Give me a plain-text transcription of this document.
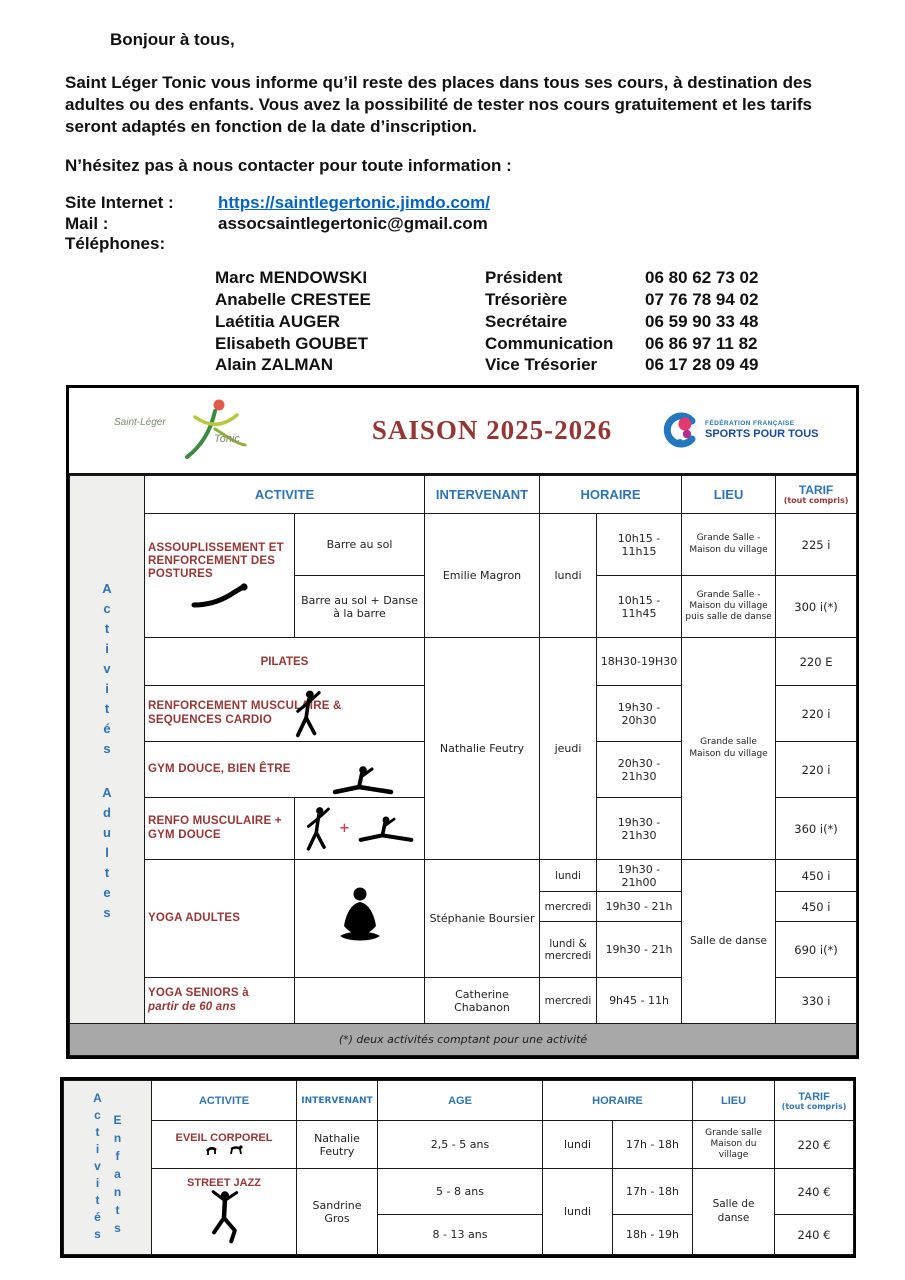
Bonjour à tous,
Saint Léger Tonic vous informe qu’il reste des places dans tous ses cours, à destination des adultes ou des enfants. Vous avez la possibilité de tester nos cours gratuitement et les tarifs seront adaptés en fonction de la date d’inscription.
N’hésitez pas à nous contacter pour toute information :
Site Internet :	https://saintlegertonic.jimdo.com/
Mail :	assocsaintlegertonic@gmail.com
Téléphones:
Marc MENDOWSKI	Président	06 80 62 73 02
Anabelle CRESTEE	Trésorière	07 76 78 94 02
Laétitia AUGER	Secrétaire	06 59 90 33 48
Elisabeth GOUBET	Communication	06 86 97 11 82
Alain ZALMAN	Vice Trésorier	06 17 28 09 49
Saint-Léger
Tonic	SAISON 2025-2026	FÉDÉRATION FRANÇAISE
SPORTS POUR TOUS
Activités
Adultes	ACTIVITE		INTERVENANT	HORAIRE		LIEU	TARIF
(tout compris)

	ASSOUPLISSEMENT ET RENFORCEMENT DES POSTURES	Barre au sol	Emilie Magron	lundi	10h15 - 11h15	Grande Salle - Maison du village	225 i
		Barre au sol + Danse à la barre			10h15 - 11h45	Grande Salle - Maison du village puis salle de danse	300 i(*)
	PILATES		Nathalie Feutry	jeudi	18H30-19H30	Grande salle Maison du village	220 E
	RENFORCEMENT MUSCULAIRE & SEQUENCES CARDIO				19h30 - 20h30		220 i
	GYM DOUCE, BIEN ÊTRE				20h30 - 21h30		220 i
	RENFO MUSCULAIRE + GYM DOUCE	+			19h30 - 21h30		360 i(*)
	YOGA ADULTES		Stéphanie Boursier	lundi	19h30 - 21h00	Salle de danse	450 i
				mercredi	19h30 - 21h		450 i
				lundi & mercredi	19h30 - 21h		690 i(*)
	YOGA SENIORS à
partir de 60 ans		Catherine Chabanon	mercredi	9h45 - 11h		330 i
(*) deux activités comptant pour une activité							
Activités Enfants	ACTIVITE	INTERVENANT	AGE	HORAIRE		LIEU	TARIF
(tout compris)

	EVEIL CORPOREL	Nathalie Feutry	2,5 - 5 ans	lundi	17h - 18h	Grande salle Maison du village	220 €
	STREET JAZZ	Sandrine Gros	5 - 8 ans	lundi	17h - 18h	Salle de danse	240 €
			8 - 13 ans		18h - 19h		240 €
